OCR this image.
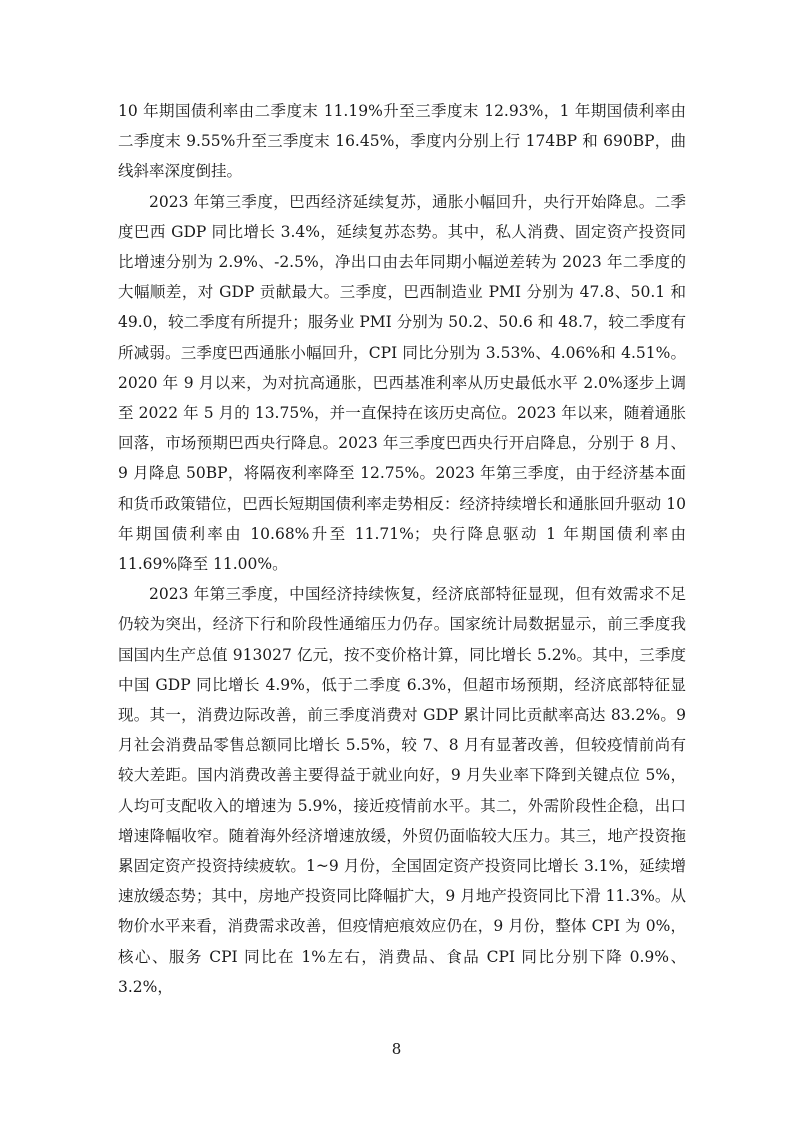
10 年期国债利率由二季度末 11.19%升至三季度末 12.93%，1 年期国债利率由二季度末 9.55%升至三季度末 16.45%，季度内分别上行 174BP 和 690BP，曲线斜率深度倒挂。

2023 年第三季度，巴西经济延续复苏，通胀小幅回升，央行开始降息。二季度巴西 GDP 同比增长 3.4%，延续复苏态势。其中，私人消费、固定资产投资同比增速分别为 2.9%、-2.5%，净出口由去年同期小幅逆差转为 2023 年二季度的大幅顺差，对 GDP 贡献最大。三季度，巴西制造业 PMI 分别为 47.8、50.1 和 49.0，较二季度有所提升；服务业 PMI 分别为 50.2、50.6 和 48.7，较二季度有所减弱。三季度巴西通胀小幅回升，CPI 同比分别为 3.53%、4.06%和 4.51%。2020 年 9 月以来，为对抗高通胀，巴西基准利率从历史最低水平 2.0%逐步上调至 2022 年 5 月的 13.75%，并一直保持在该历史高位。2023 年以来，随着通胀回落，市场预期巴西央行降息。2023 年三季度巴西央行开启降息，分别于 8 月、9 月降息 50BP，将隔夜利率降至 12.75%。2023 年第三季度，由于经济基本面和货币政策错位，巴西长短期国债利率走势相反：经济持续增长和通胀回升驱动 10 年期国债利率由 10.68%升至 11.71%；央行降息驱动 1 年期国债利率由 11.69%降至 11.00%。

2023 年第三季度，中国经济持续恢复，经济底部特征显现，但有效需求不足仍较为突出，经济下行和阶段性通缩压力仍存。国家统计局数据显示，前三季度我国国内生产总值 913027 亿元，按不变价格计算，同比增长 5.2%。其中，三季度中国 GDP 同比增长 4.9%，低于二季度 6.3%，但超市场预期，经济底部特征显现。其一，消费边际改善，前三季度消费对 GDP 累计同比贡献率高达 83.2%。9 月社会消费品零售总额同比增长 5.5%，较 7、8 月有显著改善，但较疫情前尚有较大差距。国内消费改善主要得益于就业向好，9 月失业率下降到关键点位 5%，人均可支配收入的增速为 5.9%，接近疫情前水平。其二，外需阶段性企稳，出口增速降幅收窄。随着海外经济增速放缓，外贸仍面临较大压力。其三，地产投资拖累固定资产投资持续疲软。1~9 月份，全国固定资产投资同比增长 3.1%，延续增速放缓态势；其中，房地产投资同比降幅扩大，9 月地产投资同比下滑 11.3%。从物价水平来看，消费需求改善，但疫情疤痕效应仍在，9 月份，整体 CPI 为 0%，核心、服务 CPI 同比在 1%左右，消费品、食品 CPI 同比分别下降 0.9%、3.2%，

8
